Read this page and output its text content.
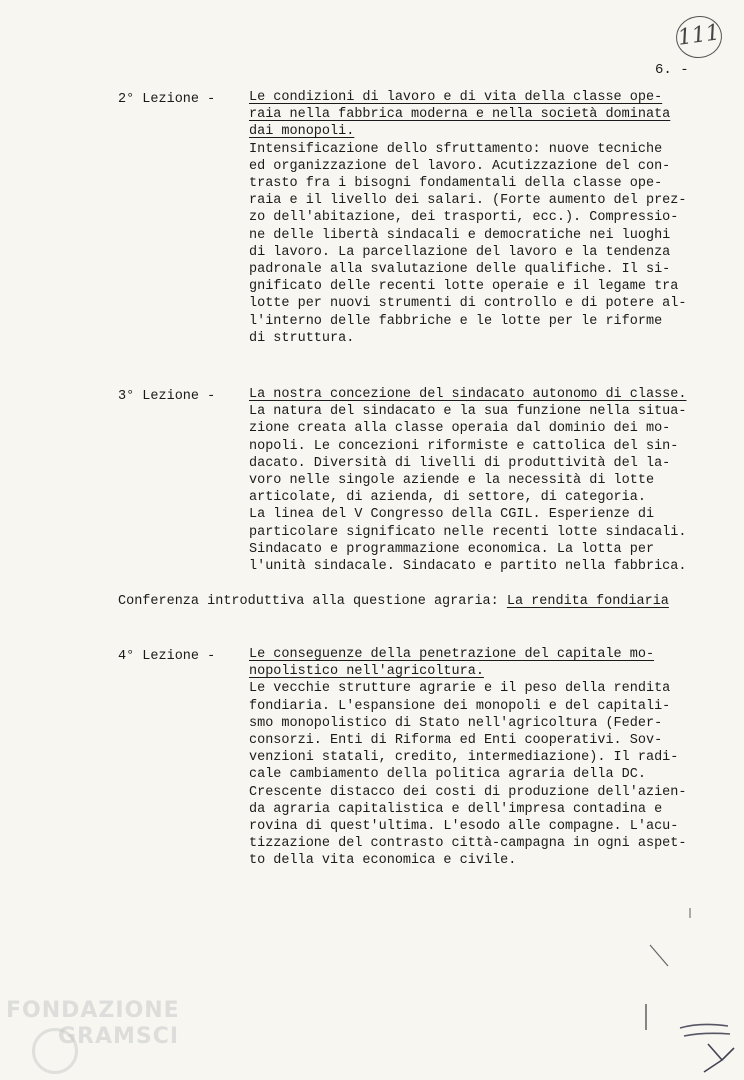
111
6. -
2° Lezione -	Le condizioni di lavoro e di vita della classe ope-
raia nella fabbrica moderna e nella società dominata
dai monopoli.
Intensificazione dello sfruttamento: nuove tecniche
ed organizzazione del lavoro. Acutizzazione del con-
trasto fra i bisogni fondamentali della classe ope-
raia e il livello dei salari. (Forte aumento del prez-
zo dell'abitazione, dei trasporti, ecc.). Compressio-
ne delle libertà sindacali e democratiche nei luoghi
di lavoro. La parcellazione del lavoro e la tendenza
padronale alla svalutazione delle qualifiche. Il si-
gnificato delle recenti lotte operaie e il legame tra
lotte per nuovi strumenti di controllo e di potere al-
l'interno delle fabbriche e le lotte per le riforme
di struttura.
3° Lezione -	La nostra concezione del sindacato autonomo di classe.
La natura del sindacato e la sua funzione nella situa-
zione creata alla classe operaia dal dominio dei mo-
nopoli. Le concezioni riformiste e cattolica del sin-
dacato. Diversità di livelli di produttività del la-
voro nelle singole aziende e la necessità di lotte
articolate, di azienda, di settore, di categoria.
La linea del V Congresso della CGIL. Esperienze di
particolare significato nelle recenti lotte sindacali.
Sindacato e programmazione economica. La lotta per
l'unità sindacale. Sindacato e partito nella fabbrica.
Conferenza introduttiva alla questione agraria: La rendita fondiaria
4° Lezione -	Le conseguenze della penetrazione del capitale mo-
nopolistico nell'agricoltura.
Le vecchie strutture agrarie e il peso della rendita
fondiaria. L'espansione dei monopoli e del capitali-
smo monopolistico di Stato nell'agricoltura (Feder-
consorzi. Enti di Riforma ed Enti cooperativi. Sov-
venzioni statali, credito, intermediazione). Il radi-
cale cambiamento della politica agraria della DC.
Crescente distacco dei costi di produzione dell'azien-
da agraria capitalistica e dell'impresa contadina e
rovina di quest'ultima. L'esodo alle compagne. L'acu-
tizzazione del contrasto città-campagna in ogni aspet-
to della vita economica e civile.
FONDAZIONE
GRAMSCI
